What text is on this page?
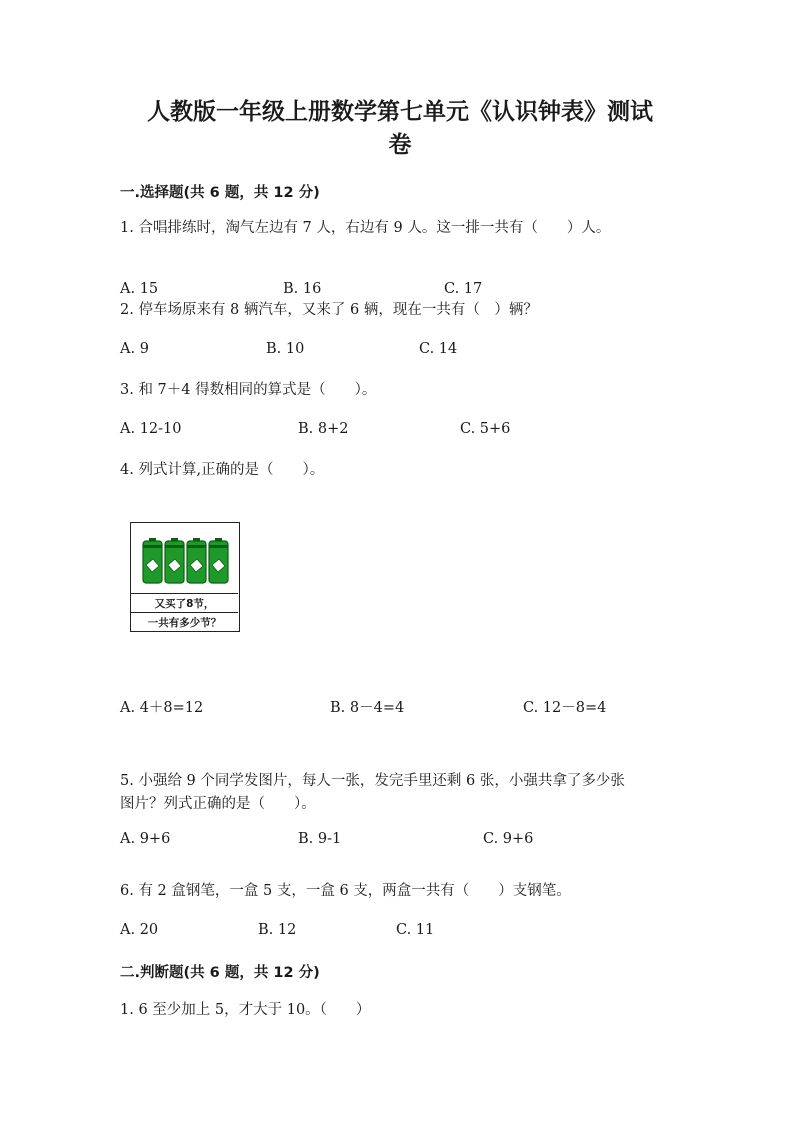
人教版一年级上册数学第七单元《认识钟表》测试
卷
一.选择题(共 6 题，共 12 分)
1. 合唱排练时，淘气左边有 7 人，右边有 9 人。这一排一共有（　　）人。
A. 15	B. 16	C. 17
2. 停车场原来有 8 辆汽车，又来了 6 辆，现在一共有（　）辆？
A. 9	B. 10	C. 14
3. 和 7＋4 得数相同的算式是（　　）。
A. 12-10	B. 8+2	C. 5+6
4. 列式计算,正确的是（　　）。
又买了8节，
一共有多少节？
A. 4＋8=12	B. 8－4=4	C. 12－8=4
5. 小强给 9 个同学发图片，每人一张，发完手里还剩 6 张，小强共拿了多少张
图片？列式正确的是（　　）。
A. 9+6	B. 9-1	C. 9+6
6. 有 2 盒钢笔，一盒 5 支，一盒 6 支，两盒一共有（　　）支钢笔。
A. 20	B. 12	C. 11
二.判断题(共 6 题，共 12 分)
1. 6 至少加上 5，才大于 10。（　　）
